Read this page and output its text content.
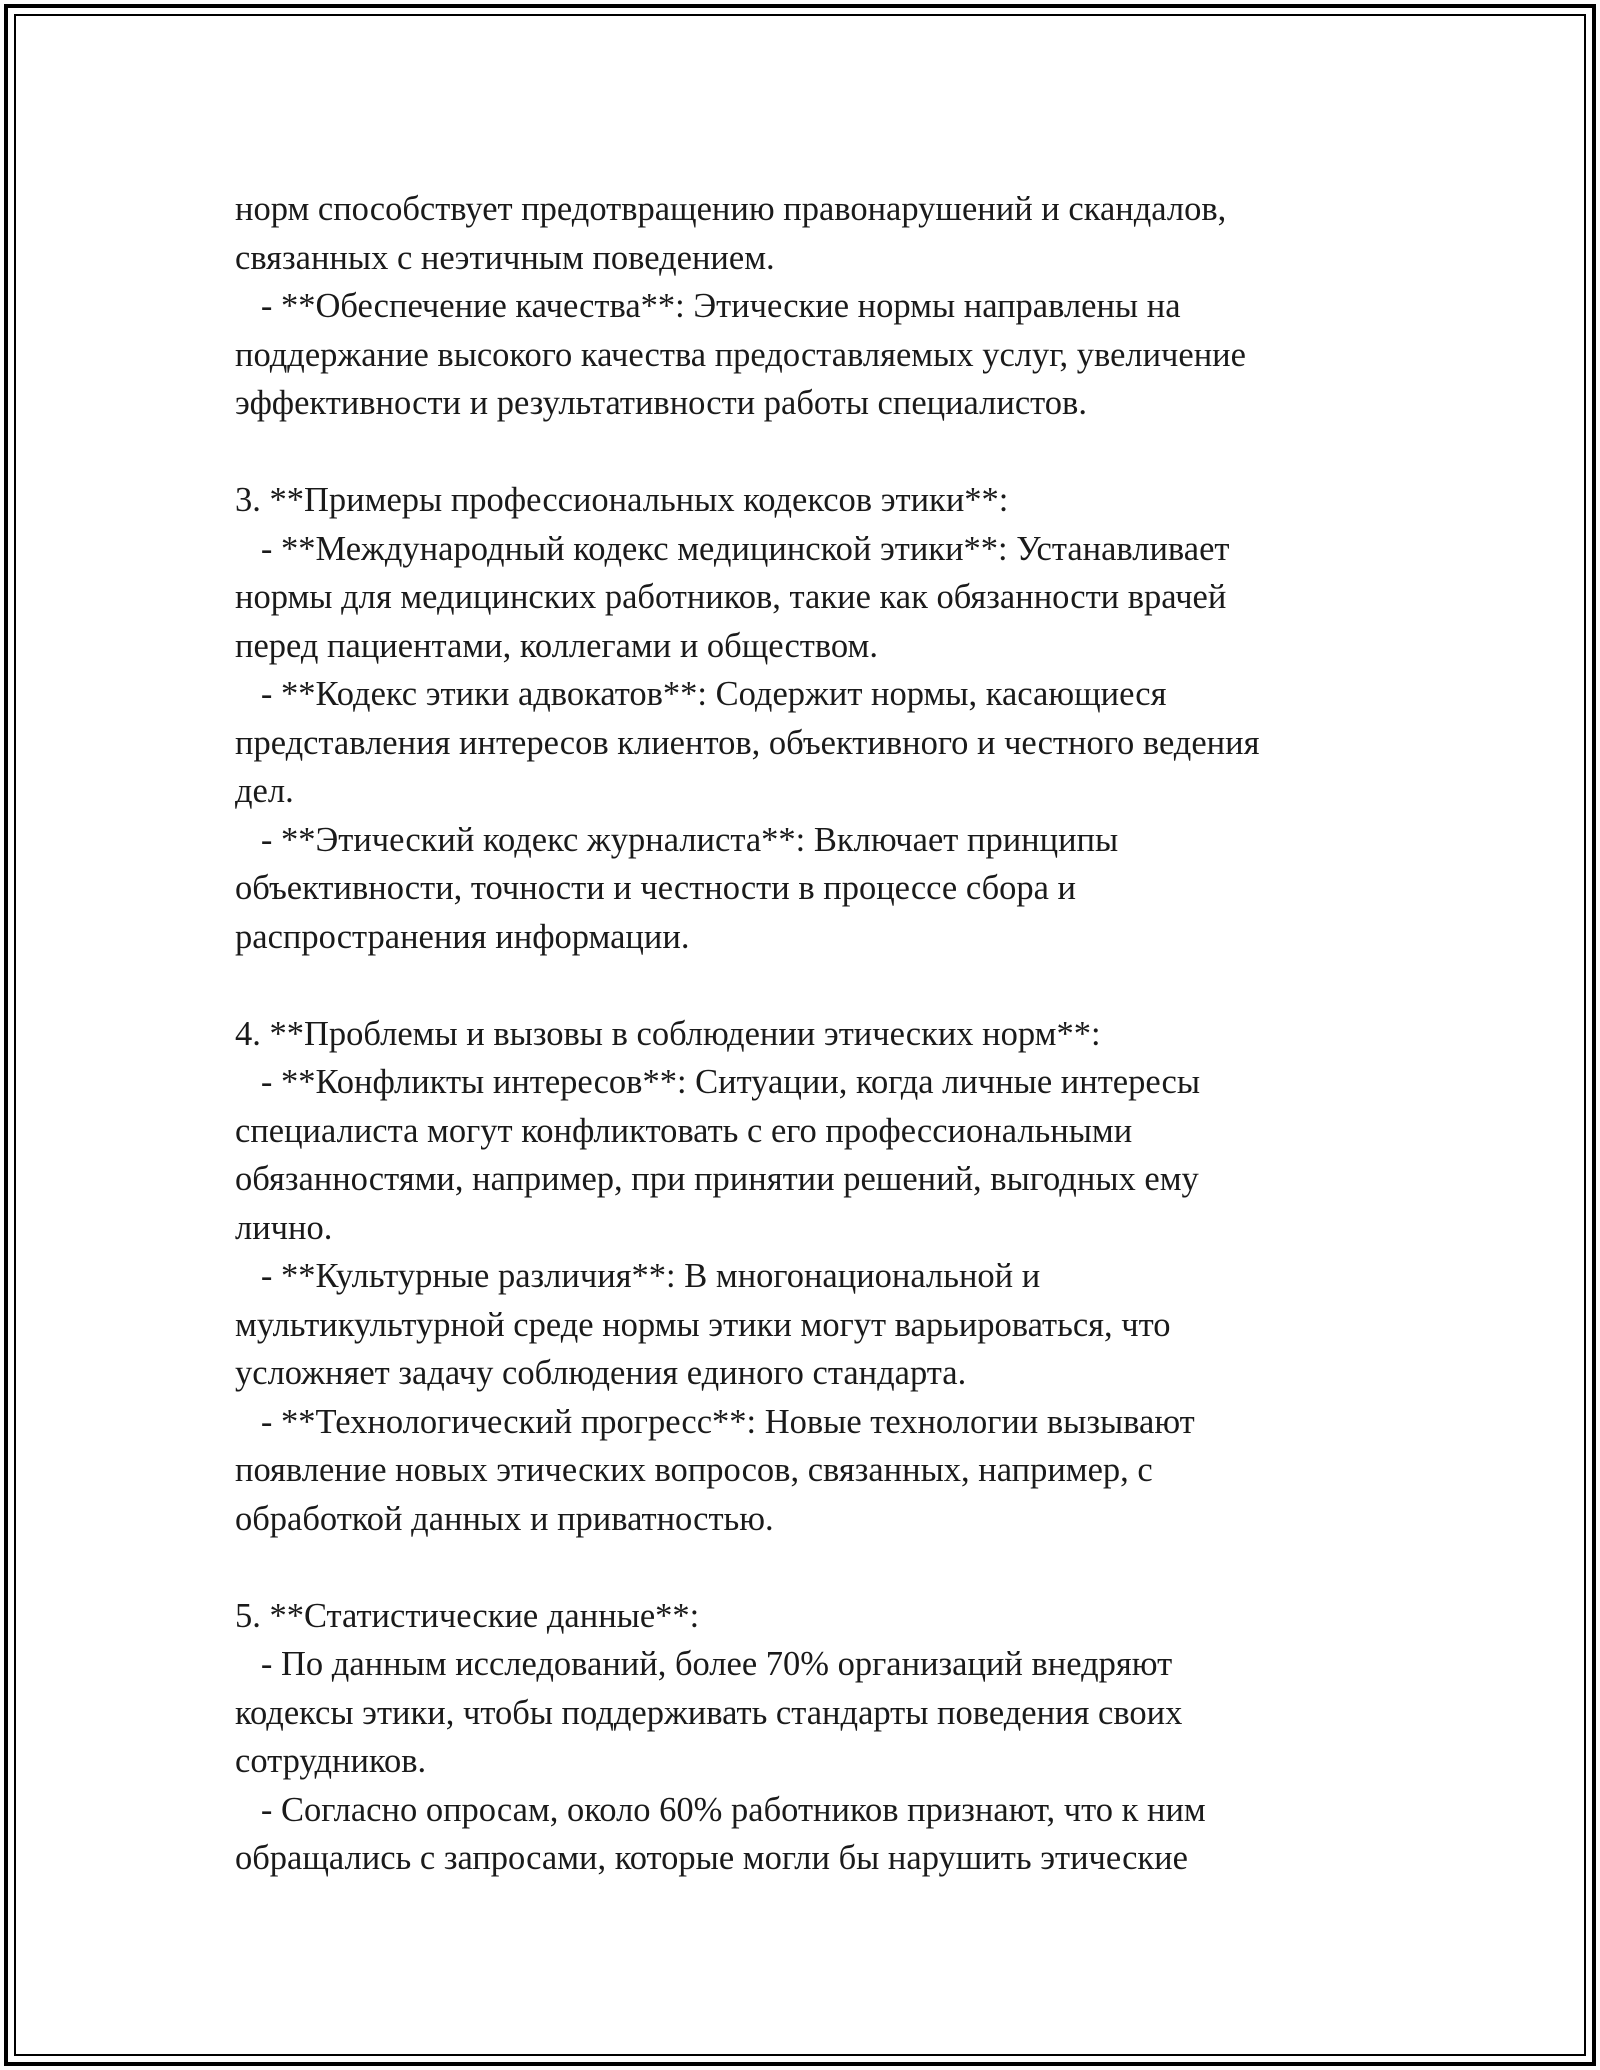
норм способствует предотвращению правонарушений и скандалов,
связанных с неэтичным поведением.
- **Обеспечение качества**: Этические нормы направлены на
поддержание высокого качества предоставляемых услуг, увеличение
эффективности и результативности работы специалистов.
3. **Примеры профессиональных кодексов этики**:
- **Международный кодекс медицинской этики**: Устанавливает
нормы для медицинских работников, такие как обязанности врачей
перед пациентами, коллегами и обществом.
- **Кодекс этики адвокатов**: Содержит нормы, касающиеся
представления интересов клиентов, объективного и честного ведения
дел.
- **Этический кодекс журналиста**: Включает принципы
объективности, точности и честности в процессе сбора и
распространения информации.
4. **Проблемы и вызовы в соблюдении этических норм**:
- **Конфликты интересов**: Ситуации, когда личные интересы
специалиста могут конфликтовать с его профессиональными
обязанностями, например, при принятии решений, выгодных ему
лично.
- **Культурные различия**: В многонациональной и
мультикультурной среде нормы этики могут варьироваться, что
усложняет задачу соблюдения единого стандарта.
- **Технологический прогресс**: Новые технологии вызывают
появление новых этических вопросов, связанных, например, с
обработкой данных и приватностью.
5. **Статистические данные**:
- По данным исследований, более 70% организаций внедряют
кодексы этики, чтобы поддерживать стандарты поведения своих
сотрудников.
- Согласно опросам, около 60% работников признают, что к ним
обращались с запросами, которые могли бы нарушить этические
